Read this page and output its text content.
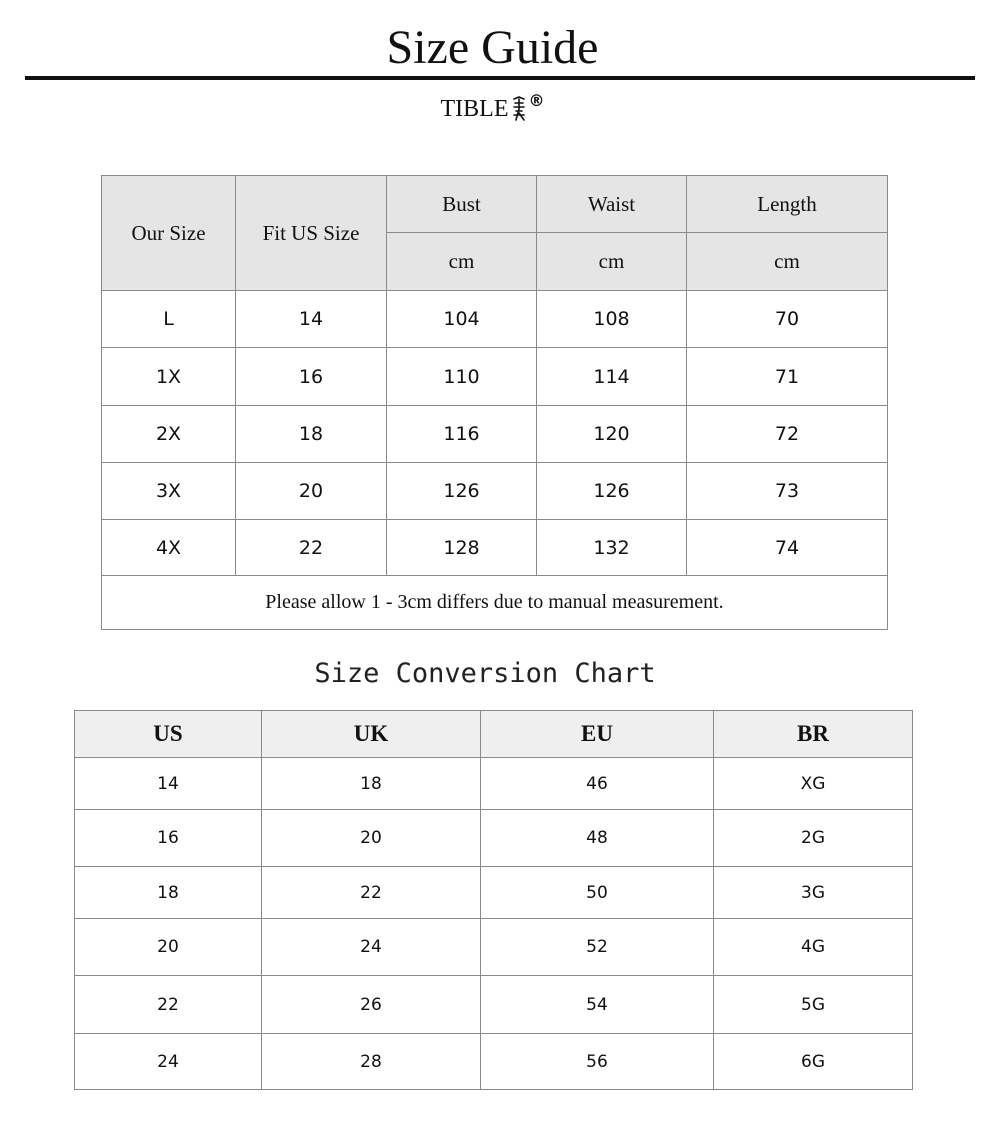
Size Guide
TIBLE ®
Our Size	Fit US Size	Bust	Waist	Length
		cm	cm	cm
L	14	104	108	70
1X	16	110	114	71
2X	18	116	120	72
3X	20	126	126	73
4X	22	128	132	74
Please allow 1 - 3cm differs due to manual measurement.				
Size Conversion Chart
US	UK	EU	BR
14	18	46	XG
16	20	48	2G
18	22	50	3G
20	24	52	4G
22	26	54	5G
24	28	56	6G
